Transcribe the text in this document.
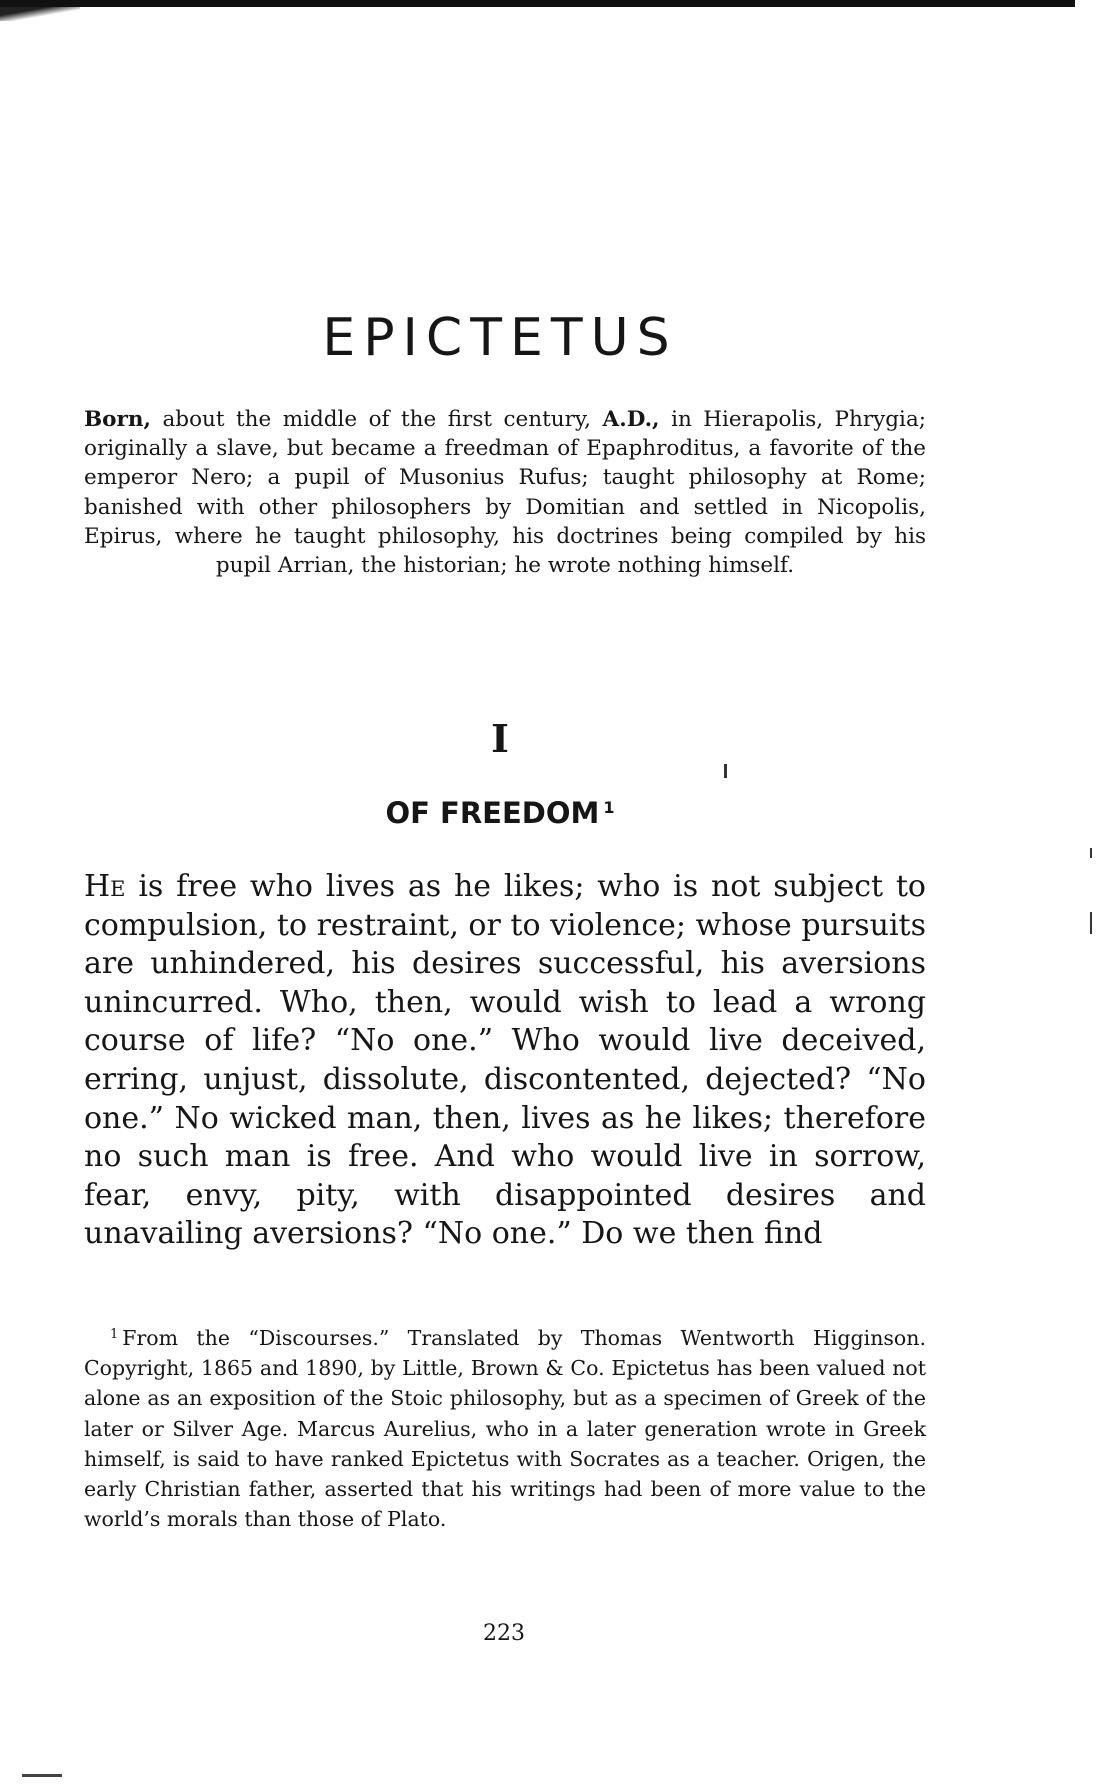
EPICTETUS

Born, about the middle of the first century, A.D., in Hierapolis, Phrygia; originally a slave, but became a freedman of Epaphroditus, a favorite of the emperor Nero; a pupil of Musonius Rufus; taught philosophy at Rome; banished with other philosophers by Domitian and settled in Nicopolis, Epirus, where he taught philosophy, his doctrines being compiled by his pupil Arrian, the historian; he wrote nothing himself.

I
OF FREEDOM $^1$

He is free who lives as he likes; who is not subject to compulsion, to restraint, or to violence; whose pursuits are unhindered, his desires successful, his aversions unincurred. Who, then, would wish to lead a wrong course of life? “No one.” Who would live deceived, erring, unjust, dissolute, discontented, dejected? “No one.” No wicked man, then, lives as he likes; therefore no such man is free. And who would live in sorrow, fear, envy, pity, with disappointed desires and unavailing aversions? “No one.” Do we then find

$^1$ From the “Discourses.” Translated by Thomas Wentworth Higginson. Copyright, 1865 and 1890, by Little, Brown & Co. Epictetus has been valued not alone as an exposition of the Stoic philosophy, but as a specimen of Greek of the later or Silver Age. Marcus Aurelius, who in a later generation wrote in Greek himself, is said to have ranked Epictetus with Socrates as a teacher. Origen, the early Christian father, asserted that his writings had been of more value to the world’s morals than those of Plato.

223
